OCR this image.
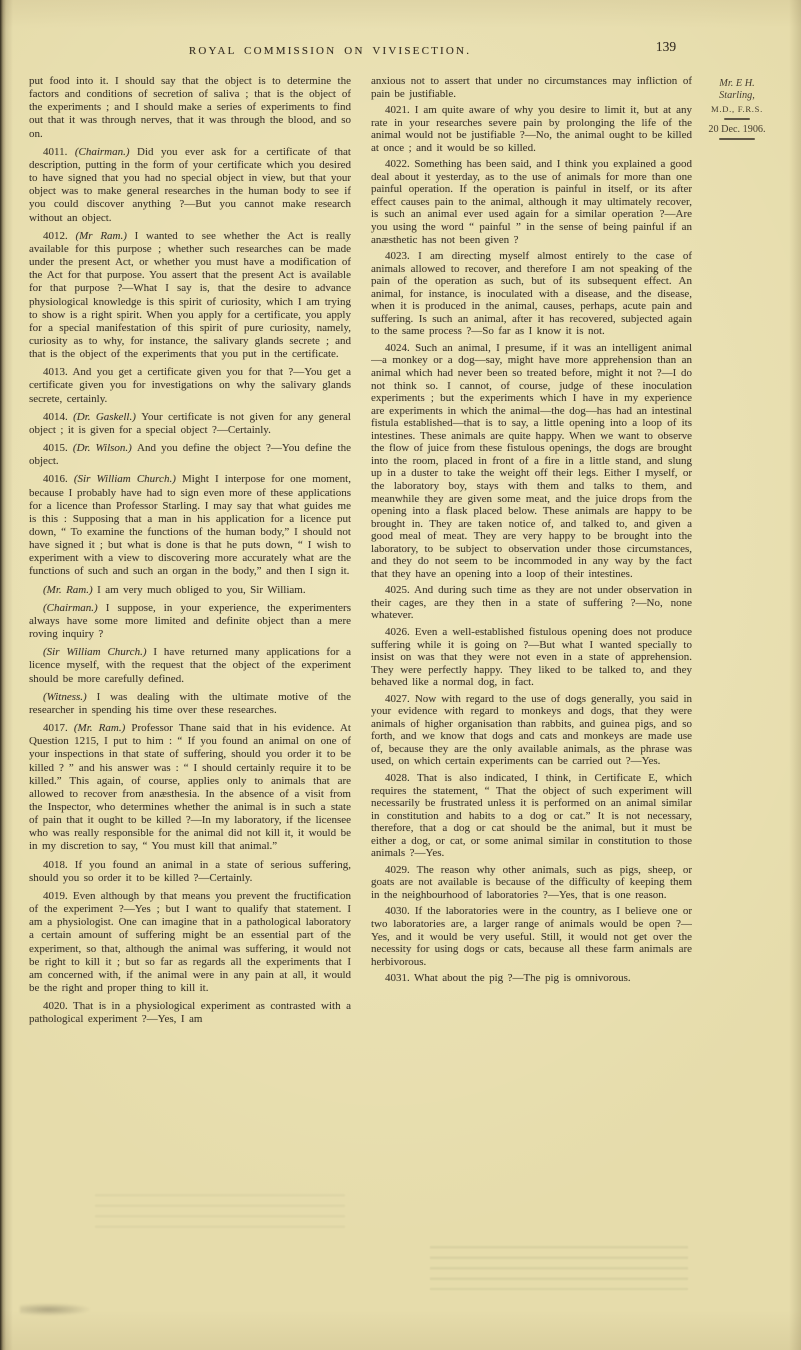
ROYAL COMMISSION ON VIVISECTION.	139
Mr. E H.
Starling,
M.D., F.R.S.
20 Dec. 1906.

put food into it. I should say that the object is to determine the factors and conditions of secretion of saliva ; that is the object of the experiments ; and I should make a series of experiments to find out that it was through nerves, that it was through the blood, and so on.

4011. (Chairman.) Did you ever ask for a certificate of that description, putting in the form of your certificate which you desired to have signed that you had no special object in view, but that your object was to make general researches in the human body to see if you could discover anything ?—But you cannot make research without an object.

4012. (Mr Ram.) I wanted to see whether the Act is really available for this purpose ; whether such researches can be made under the present Act, or whether you must have a modification of the Act for that purpose. You assert that the present Act is available for that purpose ?—What I say is, that the desire to advance physiological knowledge is this spirit of curiosity, which I am trying to show is a right spirit. When you apply for a certificate, you apply for a special manifestation of this spirit of pure curiosity, namely, curiosity as to why, for instance, the salivary glands secrete ; and that is the object of the experiments that you put in the certificate.

4013. And you get a certificate given you for that ?—You get a certificate given you for investigations on why the salivary glands secrete, certainly.

4014. (Dr. Gaskell.) Your certificate is not given for any general object ; it is given for a special object ?—Certainly.

4015. (Dr. Wilson.) And you define the object ?—You define the object.

4016. (Sir William Church.) Might I interpose for one moment, because I probably have had to sign even more of these applications for a licence than Professor Starling. I may say that what guides me is this : Supposing that a man in his application for a licence put down, “ To examine the functions of the human body,” I should not have signed it ; but what is done is that he puts down, “ I wish to experiment with a view to discovering more accurately what are the functions of such and such an organ in the body,” and then I sign it.

(Mr. Ram.) I am very much obliged to you, Sir William.

(Chairman.) I suppose, in your experience, the experimenters always have some more limited and definite object than a mere roving inquiry ?

(Sir William Church.) I have returned many applications for a licence myself, with the request that the object of the experiment should be more carefully defined.

(Witness.) I was dealing with the ultimate motive of the researcher in spending his time over these researches.

4017. (Mr. Ram.) Professor Thane said that in his evidence. At Question 1215, I put to him : “ If you found an animal on one of your inspections in that state of suffering, should you order it to be killed ? ” and his answer was : “ I should certainly require it to be killed.” This again, of course, applies only to animals that are allowed to recover from anæsthesia. In the absence of a visit from the Inspector, who determines whether the animal is in such a state of pain that it ought to be killed ?—In my laboratory, if the licensee who was really responsible for the animal did not kill it, it would be in my discretion to say, “ You must kill that animal.”

4018. If you found an animal in a state of serious suffering, should you so order it to be killed ?—Certainly.

4019. Even although by that means you prevent the fructification of the experiment ?—Yes ; but I want to qualify that statement. I am a physiologist. One can imagine that in a pathological laboratory a certain amount of suffering might be an essential part of the experiment, so that, although the animal was suffering, it would not be right to kill it ; but so far as regards all the experiments that I am concerned with, if the animal were in any pain at all, it would be the right and proper thing to kill it.

4020. That is in a physiological experiment as contrasted with a pathological experiment ?—Yes, I am

anxious not to assert that under no circumstances may infliction of pain be justifiable.

4021. I am quite aware of why you desire to limit it, but at any rate in your researches severe pain by prolonging the life of the animal would not be justifiable ?—No, the animal ought to be killed at once ; and it would be so killed.

4022. Something has been said, and I think you explained a good deal about it yesterday, as to the use of animals for more than one painful operation. If the operation is painful in itself, or its after effect causes pain to the animal, although it may ultimately recover, is such an animal ever used again for a similar operation ?—Are you using the word “ painful ” in the sense of being painful if an anæsthetic has not been given ?

4023. I am directing myself almost entirely to the case of animals allowed to recover, and therefore I am not speaking of the pain of the operation as such, but of its subsequent effect. An animal, for instance, is inoculated with a disease, and the disease, when it is produced in the animal, causes, perhaps, acute pain and suffering. Is such an animal, after it has recovered, subjected again to the same process ?—So far as I know it is not.

4024. Such an animal, I presume, if it was an intelligent animal—a monkey or a dog—say, might have more apprehension than an animal which had never been so treated before, might it not ?—I do not think so. I cannot, of course, judge of these inoculation experiments ; but the experiments which I have in my experience are experiments in which the animal—the dog—has had an intestinal fistula established—that is to say, a little opening into a loop of its intestines. These animals are quite happy. When we want to observe the flow of juice from these fistulous openings, the dogs are brought into the room, placed in front of a fire in a little stand, and slung up in a duster to take the weight off their legs. Either I myself, or the laboratory boy, stays with them and talks to them, and meanwhile they are given some meat, and the juice drops from the opening into a flask placed below. These animals are happy to be brought in. They are taken notice of, and talked to, and given a good meal of meat. They are very happy to be brought into the laboratory, to be subject to observation under those circumstances, and they do not seem to be incommoded in any way by the fact that they have an opening into a loop of their intestines.

4025. And during such time as they are not under observation in their cages, are they then in a state of suffering ?—No, none whatever.

4026. Even a well-established fistulous opening does not produce suffering while it is going on ?—But what I wanted specially to insist on was that they were not even in a state of apprehension. They were perfectly happy. They liked to be talked to, and they behaved like a normal dog, in fact.

4027. Now with regard to the use of dogs generally, you said in your evidence with regard to monkeys and dogs, that they were animals of higher organisation than rabbits, and guinea pigs, and so forth, and we know that dogs and cats and monkeys are made use of, because they are the only available animals, as the phrase was used, on which certain experiments can be carried out ?—Yes.

4028. That is also indicated, I think, in Certificate E, which requires the statement, “ That the object of such experiment will necessarily be frustrated unless it is performed on an animal similar in constitution and habits to a dog or cat.” It is not necessary, therefore, that a dog or cat should be the animal, but it must be either a dog, or cat, or some animal similar in constitution to those animals ?—Yes.

4029. The reason why other animals, such as pigs, sheep, or goats are not available is because of the difficulty of keeping them in the neighbourhood of laboratories ?—Yes, that is one reason.

4030. If the laboratories were in the country, as I believe one or two laboratories are, a larger range of animals would be open ?—Yes, and it would be very useful. Still, it would not get over the necessity for using dogs or cats, because all these farm animals are herbivorous.

4031. What about the pig ?—The pig is omnivorous.
